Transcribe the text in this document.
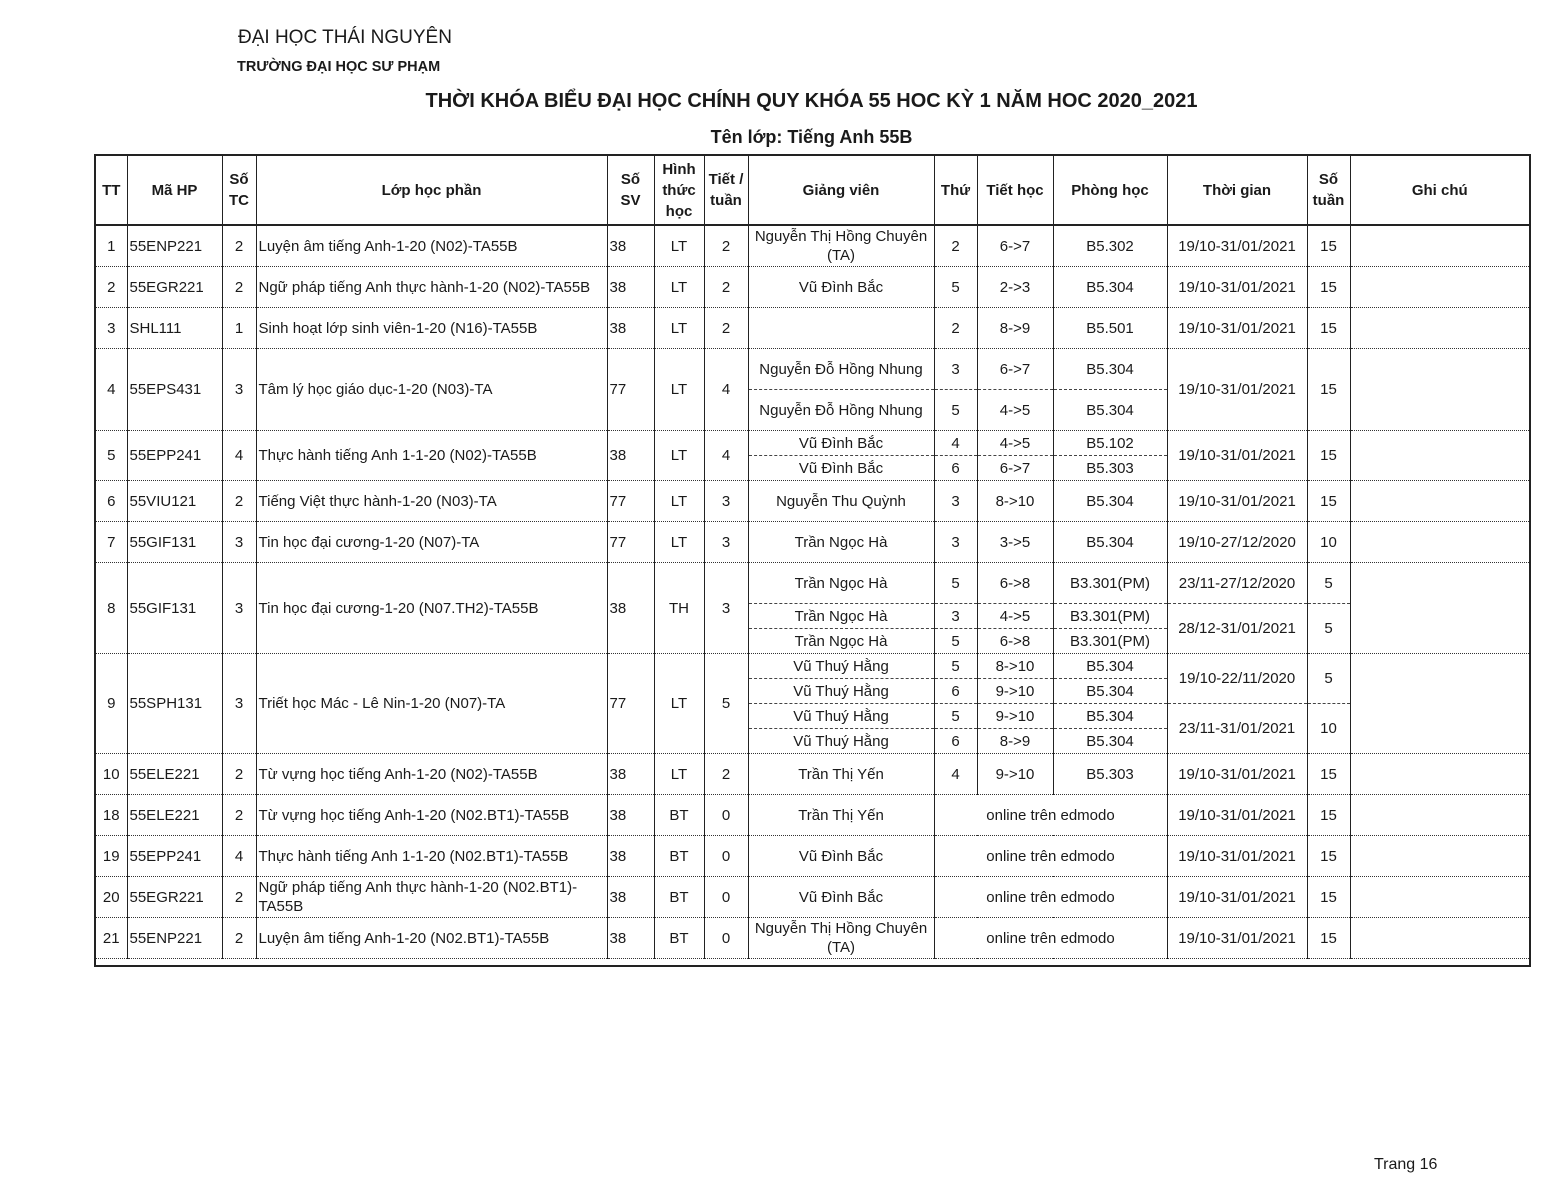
ĐẠI HỌC THÁI NGUYÊN
TRƯỜNG ĐẠI HỌC SƯ PHẠM
THỜI KHÓA BIỂU ĐẠI HỌC CHÍNH QUY KHÓA 55 HOC KỲ 1 NĂM HOC 2020_2021
Tên lớp: Tiếng Anh 55B
TT	Mã HP	Số TC	Lớp học phần	Số SV	Hình thức học	Tiết / tuần	Giảng viên	Thứ	Tiết học	Phòng học	Thời gian	Số tuần	Ghi chú
1	55ENP221	2	Luyện âm tiếng Anh-1-20 (N02)-TA55B	38	LT	2	Nguyễn Thị Hồng Chuyên (TA)	2	6->7	B5.302	19/10-31/01/2021	15	
2	55EGR221	2	Ngữ pháp tiếng Anh thực hành-1-20 (N02)-TA55B	38	LT	2	Vũ Đình Bắc	5	2->3	B5.304	19/10-31/01/2021	15	
3	SHL111	1	Sinh hoạt lớp sinh viên-1-20 (N16)-TA55B	38	LT	2		2	8->9	B5.501	19/10-31/01/2021	15	
4	55EPS431	3	Tâm lý học giáo dục-1-20 (N03)-TA	77	LT	4	Nguyễn Đỗ Hồng Nhung	3	6->7	B5.304	19/10-31/01/2021	15	
							Nguyễn Đỗ Hồng Nhung	5	4->5	B5.304			
5	55EPP241	4	Thực hành tiếng Anh 1-1-20 (N02)-TA55B	38	LT	4	Vũ Đình Bắc	4	4->5	B5.102	19/10-31/01/2021	15	
							Vũ Đình Bắc	6	6->7	B5.303			
6	55VIU121	2	Tiếng Việt thực hành-1-20 (N03)-TA	77	LT	3	Nguyễn Thu Quỳnh	3	8->10	B5.304	19/10-31/01/2021	15	
7	55GIF131	3	Tin học đại cương-1-20 (N07)-TA	77	LT	3	Trần Ngọc Hà	3	3->5	B5.304	19/10-27/12/2020	10	
8	55GIF131	3	Tin học đại cương-1-20 (N07.TH2)-TA55B	38	TH	3	Trần Ngọc Hà	5	6->8	B3.301(PM)	23/11-27/12/2020	5	
							Trần Ngọc Hà	3	4->5	B3.301(PM)	28/12-31/01/2021	5	
							Trần Ngọc Hà	5	6->8	B3.301(PM)			
9	55SPH131	3	Triết học Mác - Lê Nin-1-20 (N07)-TA	77	LT	5	Vũ Thuý Hằng	5	8->10	B5.304	19/10-22/11/2020	5	
							Vũ Thuý Hằng	6	9->10	B5.304			
							Vũ Thuý Hằng	5	9->10	B5.304	23/11-31/01/2021	10	
							Vũ Thuý Hằng	6	8->9	B5.304			
10	55ELE221	2	Từ vựng học tiếng Anh-1-20 (N02)-TA55B	38	LT	2	Trần Thị Yến	4	9->10	B5.303	19/10-31/01/2021	15	
18	55ELE221	2	Từ vựng học tiếng Anh-1-20 (N02.BT1)-TA55B	38	BT	0	Trần Thị Yến	online trên edmodo			19/10-31/01/2021	15	
19	55EPP241	4	Thực hành tiếng Anh 1-1-20 (N02.BT1)-TA55B	38	BT	0	Vũ Đình Bắc	online trên edmodo			19/10-31/01/2021	15	
20	55EGR221	2	Ngữ pháp tiếng Anh thực hành-1-20 (N02.BT1)-TA55B	38	BT	0	Vũ Đình Bắc	online trên edmodo			19/10-31/01/2021	15	
21	55ENP221	2	Luyện âm tiếng Anh-1-20 (N02.BT1)-TA55B	38	BT	0	Nguyễn Thị Hồng Chuyên (TA)	online trên edmodo			19/10-31/01/2021	15	

Trang 16
